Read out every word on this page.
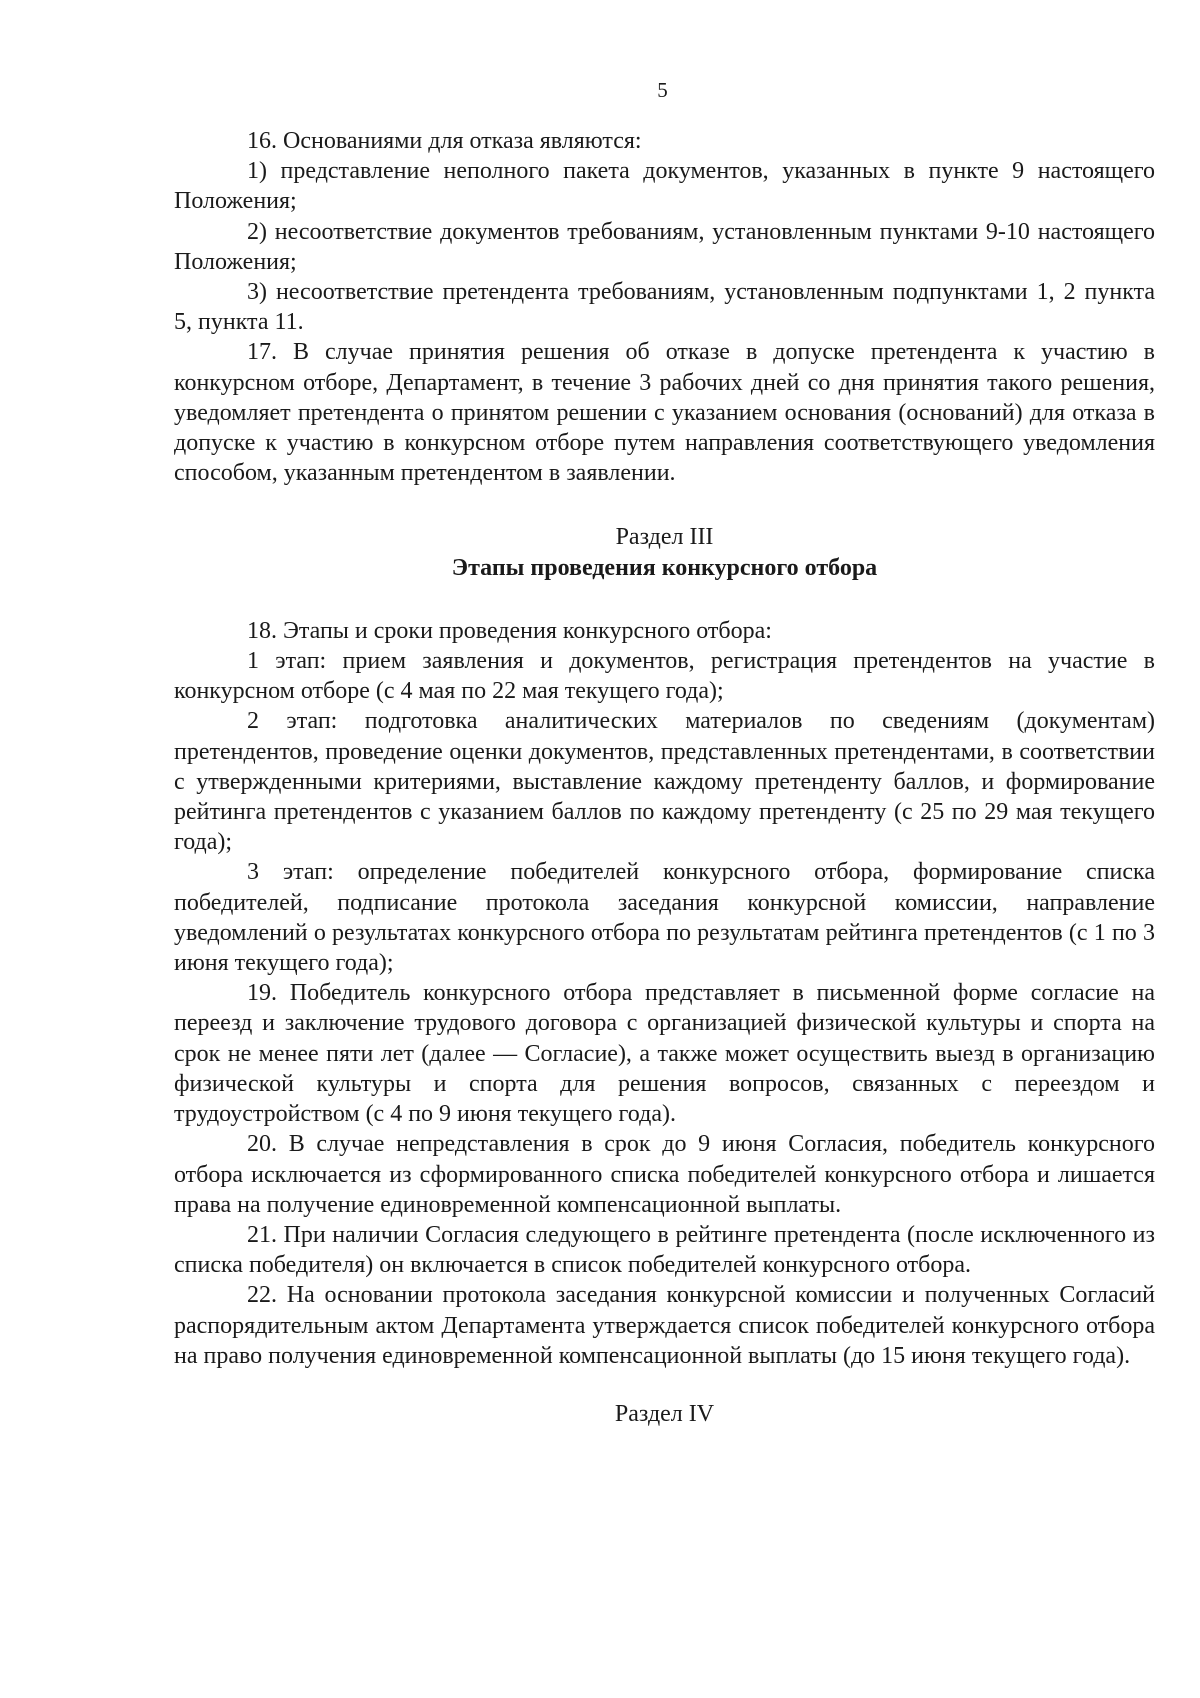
5

16. Основаниями для отказа являются:

1) представление неполного пакета документов, указанных в пункте 9 настоящего Положения;

2) несоответствие документов требованиям, установленным пунктами 9-10 настоящего Положения;

3) несоответствие претендента требованиям, установленным подпунктами 1, 2 пункта 5, пункта 11.

17. В случае принятия решения об отказе в допуске претендента к участию в конкурсном отборе, Департамент, в течение 3 рабочих дней со дня принятия такого решения, уведомляет претендента о принятом решении с указанием основания (оснований) для отказа в допуске к участию в конкурсном отборе путем направления соответствующего уведомления способом, указанным претендентом в заявлении.

Раздел III

Этапы проведения конкурсного отбора

18. Этапы и сроки проведения конкурсного отбора:

1 этап: прием заявления и документов, регистрация претендентов на участие в конкурсном отборе (с 4 мая по 22 мая текущего года);

2 этап: подготовка аналитических материалов по сведениям (документам) претендентов, проведение оценки документов, представленных претендентами, в соответствии с утвержденными критериями, выставление каждому претенденту баллов, и формирование рейтинга претендентов с указанием баллов по каждому претенденту (с 25 по 29 мая текущего года);

3 этап: определение победителей конкурсного отбора, формирование списка победителей, подписание протокола заседания конкурсной комиссии, направление уведомлений о результатах конкурсного отбора по результатам рейтинга претендентов (с 1 по 3 июня текущего года);

19. Победитель конкурсного отбора представляет в письменной форме согласие на переезд и заключение трудового договора с организацией физической культуры и спорта на срок не менее пяти лет (далее — Согласие), а также может осуществить выезд в организацию физической культуры и спорта для решения вопросов, связанных с переездом и трудоустройством (с 4 по 9 июня текущего года).

20. В случае непредставления в срок до 9 июня Согласия, победитель конкурсного отбора исключается из сформированного списка победителей конкурсного отбора и лишается права на получение единовременной компенсационной выплаты.

21. При наличии Согласия следующего в рейтинге претендента (после исключенного из списка победителя) он включается в список победителей конкурсного отбора.

22. На основании протокола заседания конкурсной комиссии и полученных Согласий распорядительным актом Департамента утверждается список победителей конкурсного отбора на право получения единовременной компенсационной выплаты (до 15 июня текущего года).

Раздел IV
